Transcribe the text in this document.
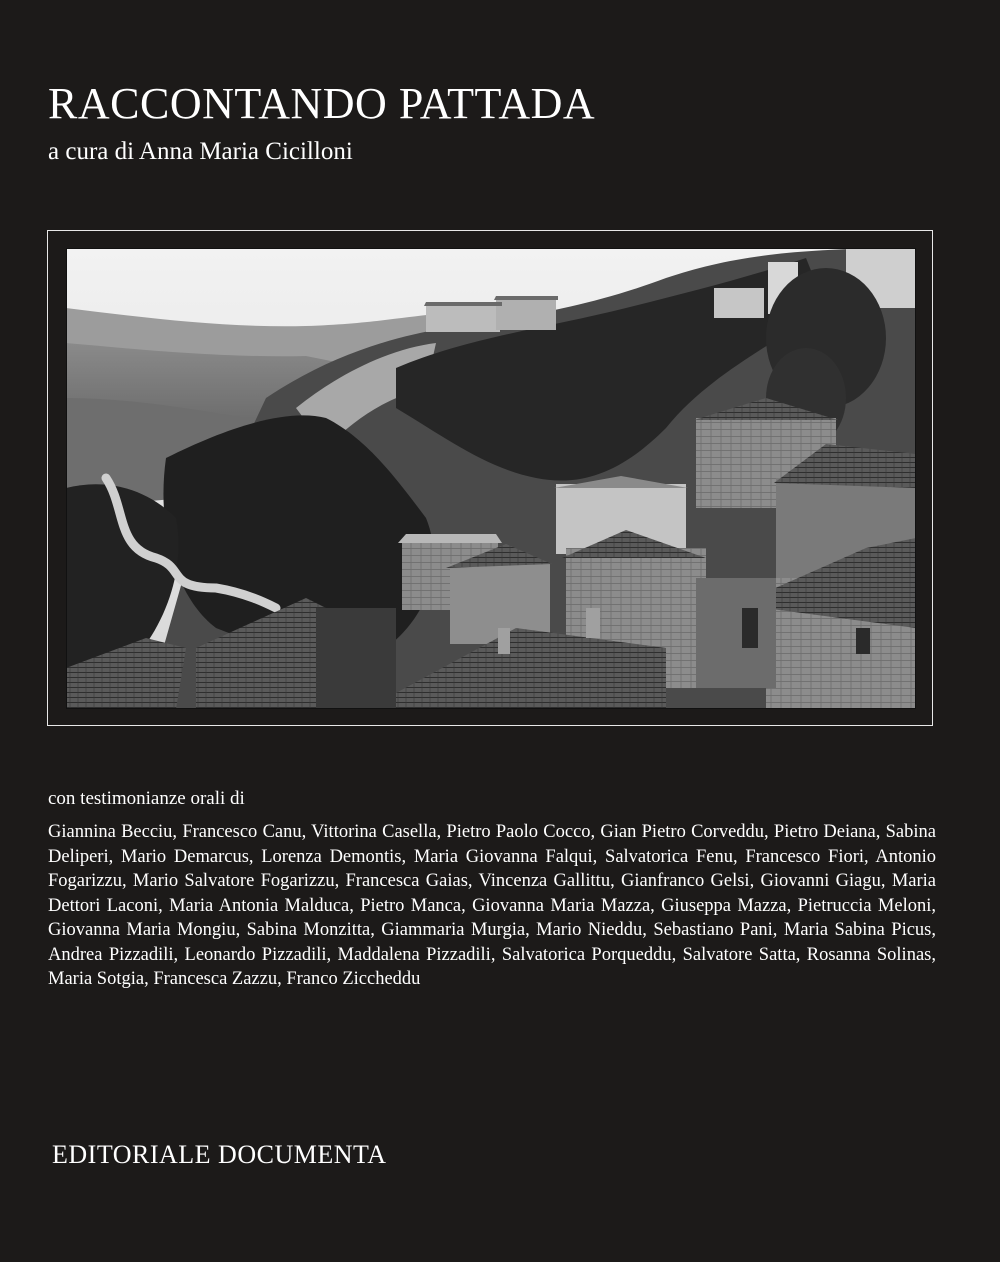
RACCONTANDO PATTADA

a cura di Anna Maria Cicilloni

con testimonianze orali di

Giannina Becciu, Francesco Canu, Vittorina Casella, Pietro Paolo Cocco, Gian Pietro Corveddu, Pietro Deiana, Sabina Deliperi, Mario Demarcus, Lorenza Demontis, Maria Giovanna Falqui, Salvatorica Fenu, Francesco Fiori, Antonio Fogarizzu, Mario Salvatore Fogarizzu, Francesca Gaias, Vincenza Gallittu, Gianfranco Gelsi, Giovanni Giagu, Maria Dettori Laconi, Maria Antonia Malduca, Pietro Manca, Giovanna Maria Mazza, Giuseppa Mazza, Pietruccia Meloni, Giovanna Maria Mongiu, Sabina Monzitta, Giammaria Murgia, Mario Nieddu, Sebastiano Pani, Maria Sabina Picus, Andrea Pizzadili, Leonardo Pizzadili, Maddalena Pizzadili, Salvatorica Porqueddu, Salvatore Satta, Rosanna Solinas, Maria Sotgia, Francesca Zazzu, Franco Ziccheddu

EDITORIALE DOCUMENTA
